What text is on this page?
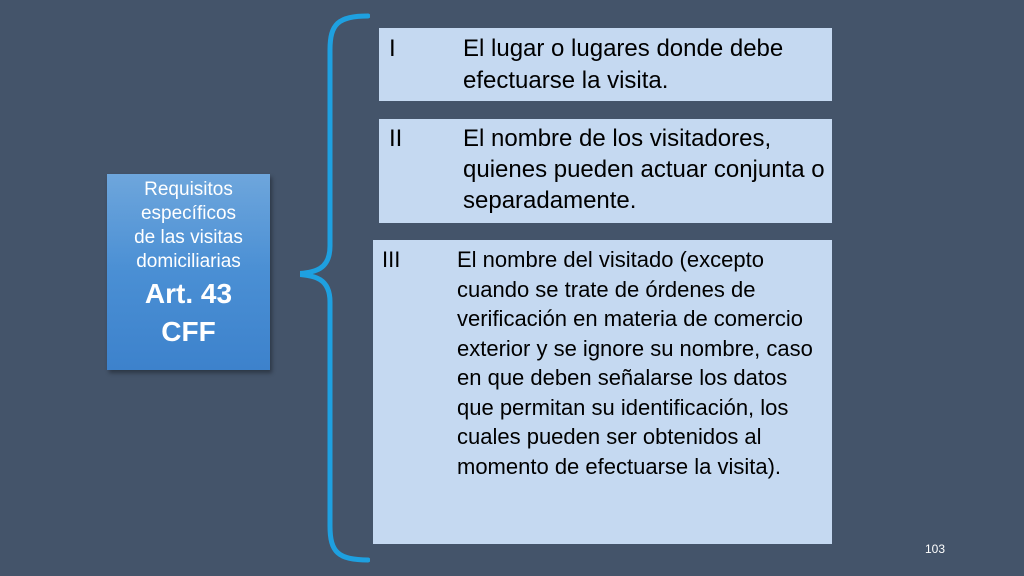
Requisitos
específicos
de las visitas
domiciliarias
Art. 43
CFF
I	El lugar o lugares donde debe efectuarse la visita.
II	El nombre de los visitadores, quienes pueden actuar conjunta o separadamente.
III	El nombre del visitado (excepto cuando se trate de órdenes de verificación en materia de comercio exterior y se ignore su nombre, caso en que deben señalarse los datos que permitan su identificación, los cuales pueden ser obtenidos al momento de efectuarse la visita).
103
